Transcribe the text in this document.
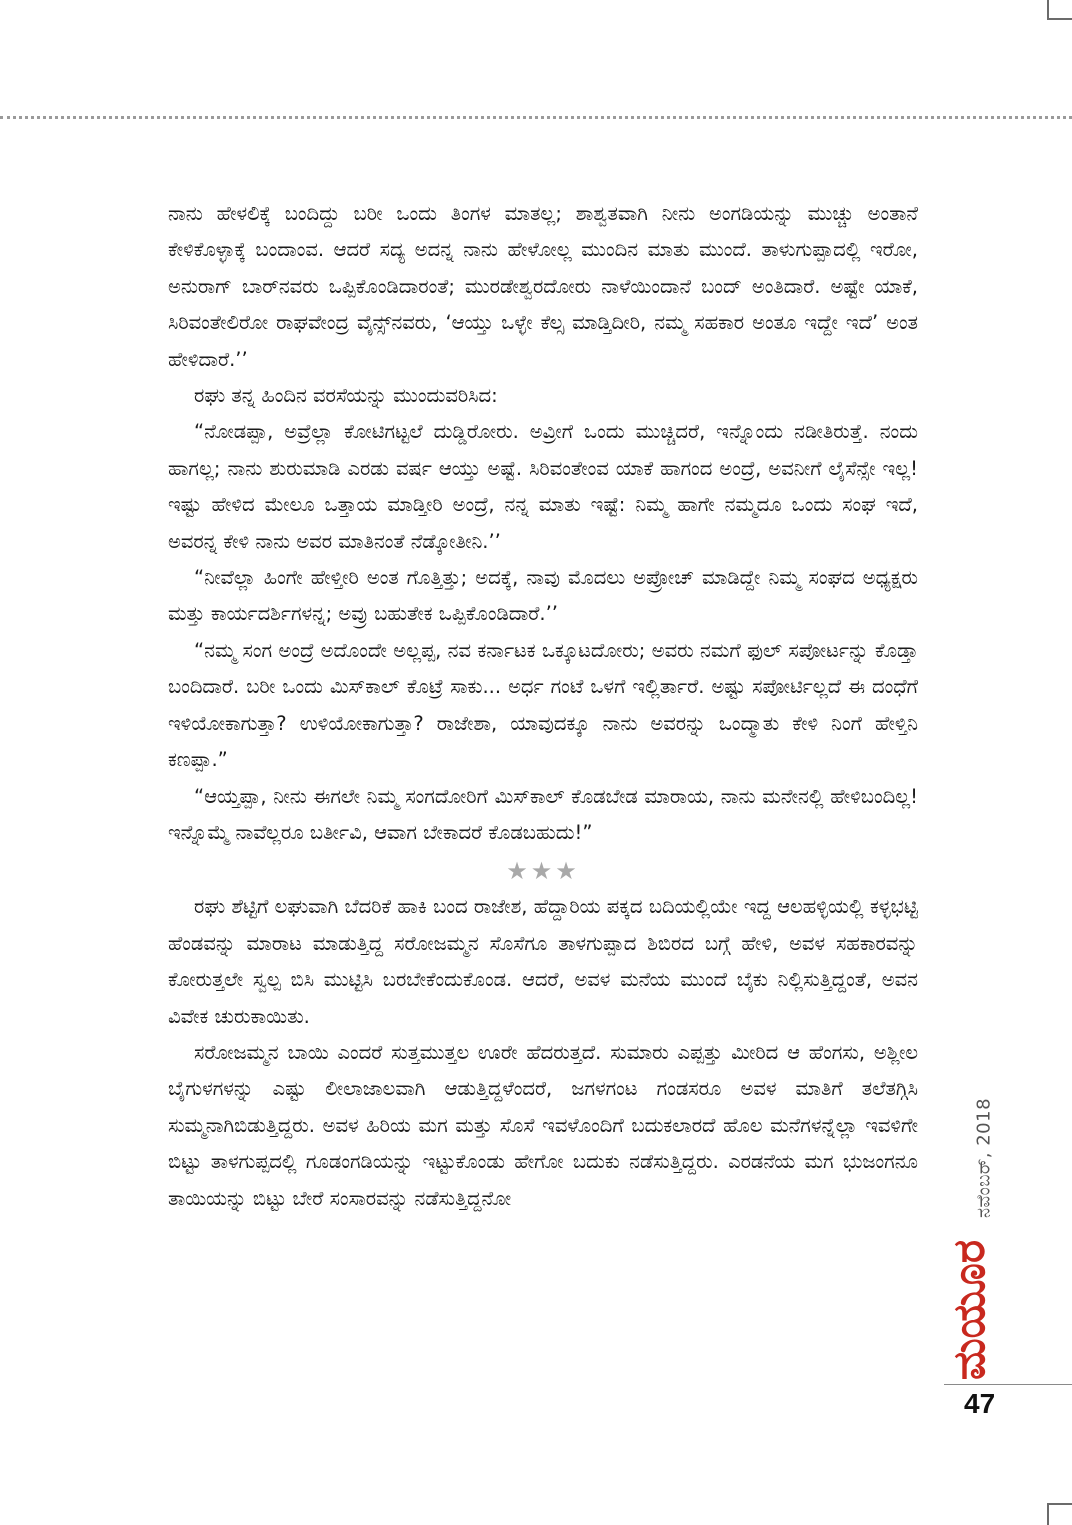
ನಾನು ಹೇಳಲಿಕ್ಕೆ ಬಂದಿದ್ದು ಬರೀ ಒಂದು ತಿಂಗಳ ಮಾತಲ್ಲ; ಶಾಶ್ವತವಾಗಿ ನೀನು ಅಂಗಡಿಯನ್ನು ಮುಚ್ಚು ಅಂತಾನೆ ಕೇಳಿಕೊಳ್ಳಾಕ್ಕೆ ಬಂದಾಂವ. ಆದರೆ ಸದ್ಯ ಅದನ್ನ ನಾನು ಹೇಳೋಲ್ಲ ಮುಂದಿನ ಮಾತು ಮುಂದೆ. ತಾಳುಗುಪ್ಪಾದಲ್ಲಿ ಇರೋ, ಅನುರಾಗ್ ಬಾರ್‌ನವರು ಒಪ್ಪಿಕೊಂಡಿದಾರಂತೆ; ಮುರಡೇಶ್ವರದೋರು ನಾಳೆಯಿಂದಾನೆ ಬಂದ್ ಅಂತಿದಾರೆ. ಅಷ್ಟೇ ಯಾಕೆ, ಸಿರಿವಂತೇಲಿರೋ ರಾಘವೇಂದ್ರ ವೈನ್ಸ್‌ನವರು, ‘ಆಯ್ತು ಒಳ್ಳೇ ಕೆಲ್ಸ ಮಾಡ್ತಿದೀರಿ, ನಮ್ಮ ಸಹಕಾರ ಅಂತೂ ಇದ್ದೇ ಇದೆ’ ಅಂತ ಹೇಳಿದಾರೆ.’’

ರಘು ತನ್ನ ಹಿಂದಿನ ವರಸೆಯನ್ನು ಮುಂದುವರಿಸಿದ:

“ನೋಡಪ್ಪಾ, ಅವ್ರೆಲ್ಲಾ ಕೋಟಿಗಟ್ಟಲೆ ದುಡ್ಡಿರೋರು. ಅವ್ರೀಗೆ ಒಂದು ಮುಚ್ಚಿದರೆ, ಇನ್ನೊಂದು ನಡೀತಿರುತ್ತೆ. ನಂದು ಹಾಗಲ್ಲ; ನಾನು ಶುರುಮಾಡಿ ಎರಡು ವರ್ಷ ಆಯ್ತು ಅಷ್ಟೆ. ಸಿರಿವಂತೇಂವ ಯಾಕೆ ಹಾಗಂದ ಅಂದ್ರೆ, ಅವನೀಗೆ ಲೈಸೆನ್ಸೇ ಇಲ್ಲ! ಇಷ್ಟು ಹೇಳಿದ ಮೇಲೂ ಒತ್ತಾಯ ಮಾಡ್ತೀರಿ ಅಂದ್ರೆ, ನನ್ನ ಮಾತು ಇಷ್ಟೆ: ನಿಮ್ಮ ಹಾಗೇ ನಮ್ಮದೂ ಒಂದು ಸಂಘ ಇದೆ, ಅವರನ್ನ ಕೇಳಿ ನಾನು ಅವರ ಮಾತಿನಂತೆ ನೆಡ್ಕೋತೀನಿ.’’

“ನೀವೆಲ್ಲಾ ಹಿಂಗೇ ಹೇಳ್ತೀರಿ ಅಂತ ಗೊತ್ತಿತ್ತು; ಅದಕ್ಕೆ, ನಾವು ಮೊದಲು ಅಪ್ರೋಚ್ ಮಾಡಿದ್ದೇ ನಿಮ್ಮ ಸಂಘದ ಅಧ್ಯಕ್ಷರು ಮತ್ತು ಕಾರ್ಯದರ್ಶಿಗಳನ್ನ; ಅವ್ರು ಬಹುತೇಕ ಒಪ್ಪಿಕೊಂಡಿದಾರೆ.’’

“ನಮ್ಮ ಸಂಗ ಅಂದ್ರೆ ಅದೊಂದೇ ಅಲ್ಲಪ್ಪ, ನವ ಕರ್ನಾಟಕ ಒಕ್ಕೂಟದೋರು; ಅವರು ನಮಗೆ ಫುಲ್ ಸಪೋರ್ಟನ್ನು ಕೊಡ್ತಾ ಬಂದಿದಾರೆ. ಬರೀ ಒಂದು ಮಿಸ್‌ಕಾಲ್ ಕೊಟ್ರೆ ಸಾಕು... ಅರ್ಧ ಗಂಟೆ ಒಳಗೆ ಇಲ್ಲಿರ್ತಾರೆ. ಅಷ್ಟು ಸಪೋರ್ಟಿಲ್ಲದೆ ಈ ದಂಧೆಗೆ ಇಳಿಯೋಕಾಗುತ್ತಾ? ಉಳಿಯೋಕಾಗುತ್ತಾ? ರಾಜೇಶಾ, ಯಾವುದಕ್ಕೂ ನಾನು ಅವರನ್ನು ಒಂದ್ಮಾತು ಕೇಳಿ ನಿಂಗೆ ಹೇಳ್ತಿನಿ ಕಣಪ್ಪಾ.”

“ಆಯ್ತಪ್ಪಾ, ನೀನು ಈಗಲೇ ನಿಮ್ಮ ಸಂಗದೋರಿಗೆ ಮಿಸ್‌ಕಾಲ್ ಕೊಡಬೇಡ ಮಾರಾಯ, ನಾನು ಮನೇನಲ್ಲಿ ಹೇಳಿಬಂದಿಲ್ಲ! ಇನ್ನೊಮ್ಮೆ ನಾವೆಲ್ಲರೂ ಬರ್ತೀವಿ, ಆವಾಗ ಬೇಕಾದರೆ ಕೊಡಬಹುದು!”

★★★

ರಘು ಶೆಟ್ಟಿಗೆ ಲಘುವಾಗಿ ಬೆದರಿಕೆ ಹಾಕಿ ಬಂದ ರಾಜೇಶ, ಹೆದ್ದಾರಿಯ ಪಕ್ಕದ ಬದಿಯಲ್ಲಿಯೇ ಇದ್ದ ಆಲಹಳ್ಳಿಯಲ್ಲಿ ಕಳ್ಳಭಟ್ಟಿ ಹೆಂಡವನ್ನು ಮಾರಾಟ ಮಾಡುತ್ತಿದ್ದ ಸರೋಜಮ್ಮನ ಸೊಸೆಗೂ ತಾಳಗುಪ್ಪಾದ ಶಿಬಿರದ ಬಗ್ಗೆ ಹೇಳಿ, ಅವಳ ಸಹಕಾರವನ್ನು ಕೋರುತ್ತಲೇ ಸ್ವಲ್ಪ ಬಿಸಿ ಮುಟ್ಟಿಸಿ ಬರಬೇಕೆಂದುಕೊಂಡ. ಆದರೆ, ಅವಳ ಮನೆಯ ಮುಂದೆ ಬೈಕು ನಿಲ್ಲಿಸುತ್ತಿದ್ದಂತೆ, ಅವನ ವಿವೇಕ ಚುರುಕಾಯಿತು.

ಸರೋಜಮ್ಮನ ಬಾಯಿ ಎಂದರೆ ಸುತ್ತಮುತ್ತಲ ಊರೇ ಹೆದರುತ್ತದೆ. ಸುಮಾರು ಎಪ್ಪತ್ತು ಮೀರಿದ ಆ ಹೆಂಗಸು, ಅಶ್ಲೀಲ ಬೈಗುಳಗಳನ್ನು ಎಷ್ಟು ಲೀಲಾಜಾಲವಾಗಿ ಆಡುತ್ತಿದ್ದಳೆಂದರೆ, ಜಗಳಗಂಟ ಗಂಡಸರೂ ಅವಳ ಮಾತಿಗೆ ತಲೆತಗ್ಗಿಸಿ ಸುಮ್ಮನಾಗಿಬಿಡುತ್ತಿದ್ದರು. ಅವಳ ಹಿರಿಯ ಮಗ ಮತ್ತು ಸೊಸೆ ಇವಳೊಂದಿಗೆ ಬದುಕಲಾರದೆ ಹೊಲ ಮನೆಗಳನ್ನೆಲ್ಲಾ ಇವಳಿಗೇ ಬಿಟ್ಟು ತಾಳಗುಪ್ಪದಲ್ಲಿ ಗೂಡಂಗಡಿಯನ್ನು ಇಟ್ಟುಕೊಂಡು ಹೇಗೋ ಬದುಕು ನಡೆಸುತ್ತಿದ್ದರು. ಎರಡನೆಯ ಮಗ ಭುಜಂಗನೂ ತಾಯಿಯನ್ನು ಬಿಟ್ಟು ಬೇರೆ ಸಂಸಾರವನ್ನು ನಡೆಸುತ್ತಿದ್ದನೋ	ನವೆಂಬರ್, 2018
ಮಯೂರ
47
